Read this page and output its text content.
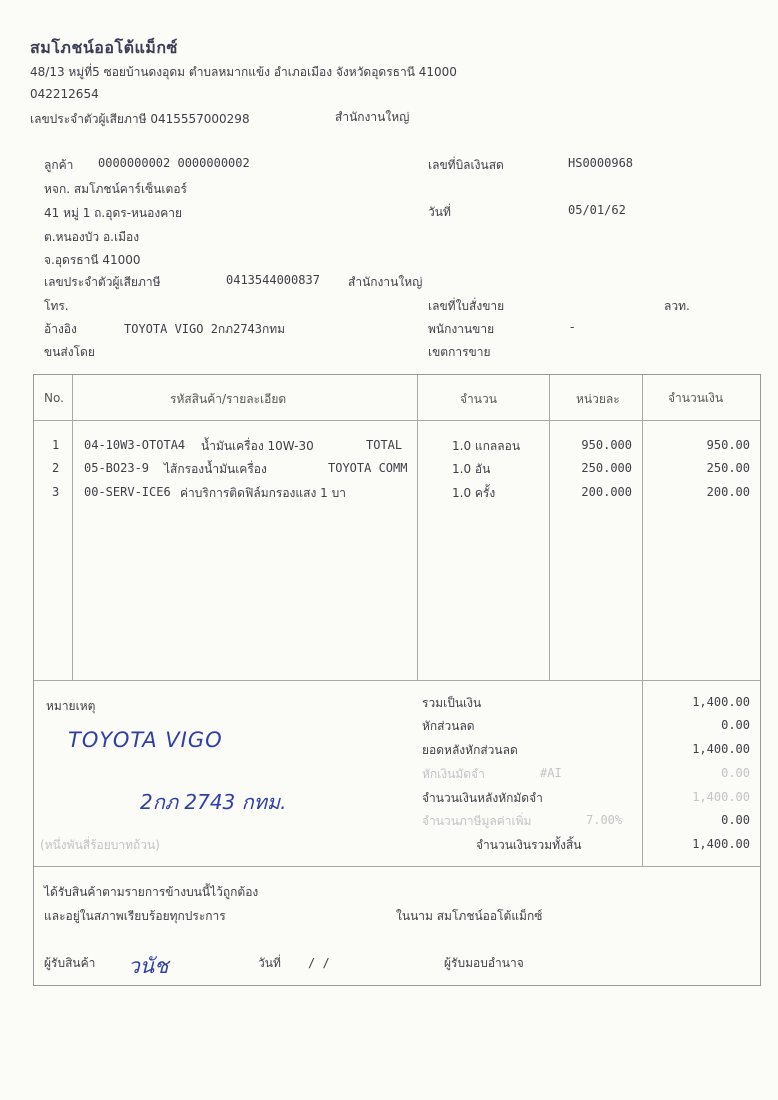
สมโภชน์ออโต้แม็กซ์
48/13 หมู่ที่5 ซอยบ้านดงอุดม ตำบลหมากแข้ง อำเภอเมือง จังหวัดอุดรธานี 41000
042212654
เลขประจำตัวผู้เสียภาษี 0415557000298	สำนักงานใหญ่
ลูกค้า 0000000002 0000000002
หจก. สมโภชน์คาร์เซ็นเตอร์
41 หมู่ 1 ถ.อุดร-หนองคาย
ต.หนองบัว อ.เมือง
จ.อุดรธานี 41000
เลขประจำตัวผู้เสียภาษี	0413544000837 สำนักงานใหญ่
โทร.
อ้างอิง	TOYOTA VIGO 2กภ2743กทม
ขนส่งโดย
เลขที่บิลเงินสด	HS0000968
วันที่	05/01/62
เลขที่ใบสั่งขาย	ลวท.
พนักงานขาย	-
เขตการขาย
No.	รหัสสินค้า/รายละเอียด	จำนวน	หน่วยละ	จำนวนเงิน
1 04-10W3-OTOTA4 น้ำมันเครื่อง 10W-30	TOTAL	1.0 แกลลอน	950.000	950.00
2 05-BO23-9 ไส้กรองน้ำมันเครื่อง	TOYOTA COMM	1.0 อัน	250.000	250.00
3 00-SERV-ICE6 ค่าบริการติดฟิล์มกรองแสง 1 บา	1.0 ครั้ง	200.000	200.00
หมายเหตุ
TOYOTA VIGO
2กภ 2743 กทม.
(หนึ่งพันสี่ร้อยบาทถ้วน)
รวมเป็นเงิน	1,400.00
หักส่วนลด	0.00
ยอดหลังหักส่วนลด	1,400.00
หักเงินมัดจำ	#AI	0.00
จำนวนเงินหลังหักมัดจำ	1,400.00
จำนวนภาษีมูลค่าเพิ่ม	7.00%	0.00
จำนวนเงินรวมทั้งสิ้น	1,400.00
ได้รับสินค้าตามรายการข้างบนนี้ไว้ถูกต้อง
และอยู่ในสภาพเรียบร้อยทุกประการ	ในนาม สมโภชน์ออโต้แม็กซ์
ผู้รับสินค้า วนัช	วันที่ / /	ผู้รับมอบอำนาจ
